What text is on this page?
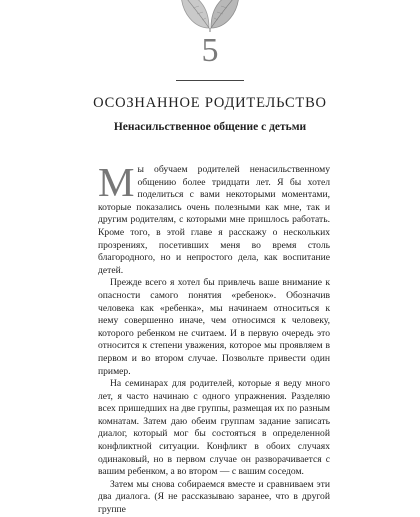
5
ОСОЗНАННОЕ РОДИТЕЛЬСТВО
Ненасильственное общение с детьми

Мы обучаем родителей ненасильственному общению более тридцати лет. Я бы хотел поделиться с вами некоторыми моментами, которые показались очень полезными как мне, так и другим родителям, с которыми мне пришлось работать. Кроме того, в этой главе я расскажу о нескольких прозрениях, посетивших меня во время столь благородного, но и непростого дела, как воспитание детей.

Прежде всего я хотел бы привлечь ваше внимание к опасности самого понятия «ребенок». Обозначив человека как «ребенка», мы начинаем относиться к нему совершенно иначе, чем относимся к человеку, которого ребенком не считаем. И в первую очередь это относится к степени уважения, которое мы проявляем в первом и во втором случае. Позвольте привести один пример.

На семинарах для родителей, которые я веду много лет, я часто начинаю с одного упражнения. Разделяю всех пришедших на две группы, размещая их по разным комнатам. Затем даю обеим группам задание записать диалог, который мог бы состояться в определенной конфликтной ситуации. Конфликт в обоих случаях одинаковый, но в первом случае он разворачивается с вашим ребенком, а во втором — с вашим соседом.

Затем мы снова собираемся вместе и сравниваем эти два диалога. (Я не рассказываю заранее, что в другой группе
